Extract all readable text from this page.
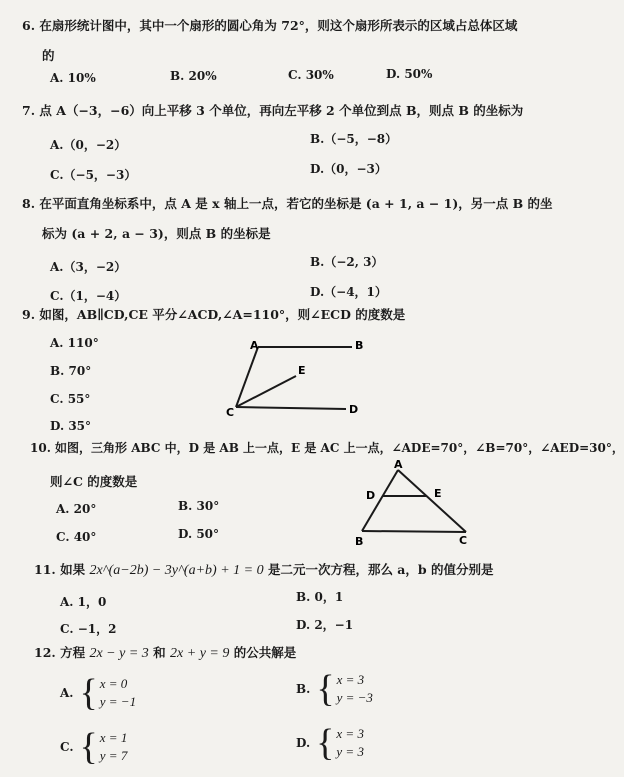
6. 在扇形统计图中，其中一个扇形的圆心角为 72°，则这个扇形所表示的区域占总体区域
的
A. 10%	B. 20%	C. 30%	D. 50%
7. 点 A（−3，−6）向上平移 3 个单位，再向左平移 2 个单位到点 B，则点 B 的坐标为
A.（0，−2）	B.（−5，−8）
C.（−5，−3）	D.（0，−3）
8. 在平面直角坐标系中，点 A 是 x 轴上一点，若它的坐标是 (a + 1, a − 1)，另一点 B 的坐
标为 (a + 2, a − 3)，则点 B 的坐标是
A.（3，−2）	B.（−2, 3）
C.（1，−4）	D.（−4，1）
9. 如图，AB∥CD,CE 平分∠ACD,∠A=110°，则∠ECD 的度数是
A. 110°
B. 70°
C. 55°
D. 35°
A	B
C	D
E
A
D	E
B	C
10. 如图，三角形 ABC 中，D 是 AB 上一点，E 是 AC 上一点，∠ADE=70°，∠B=70°，∠AED=30°，
则∠C 的度数是
A. 20°	B. 30°
C. 40°	D. 50°
11. 如果 2x^(a−2b) − 3y^(a+b) + 1 = 0 是二元一次方程，那么 a，b 的值分别是
A. 1，0	B. 0，1
C. −1，2	D. 2，−1
12. 方程 2x − y = 3 和 2x + y = 9 的公共解是
A. { x = 0
y = −1
B. { x = 3
y = −3
C. { x = 1
y = 7
D. { x = 3
y = 3
